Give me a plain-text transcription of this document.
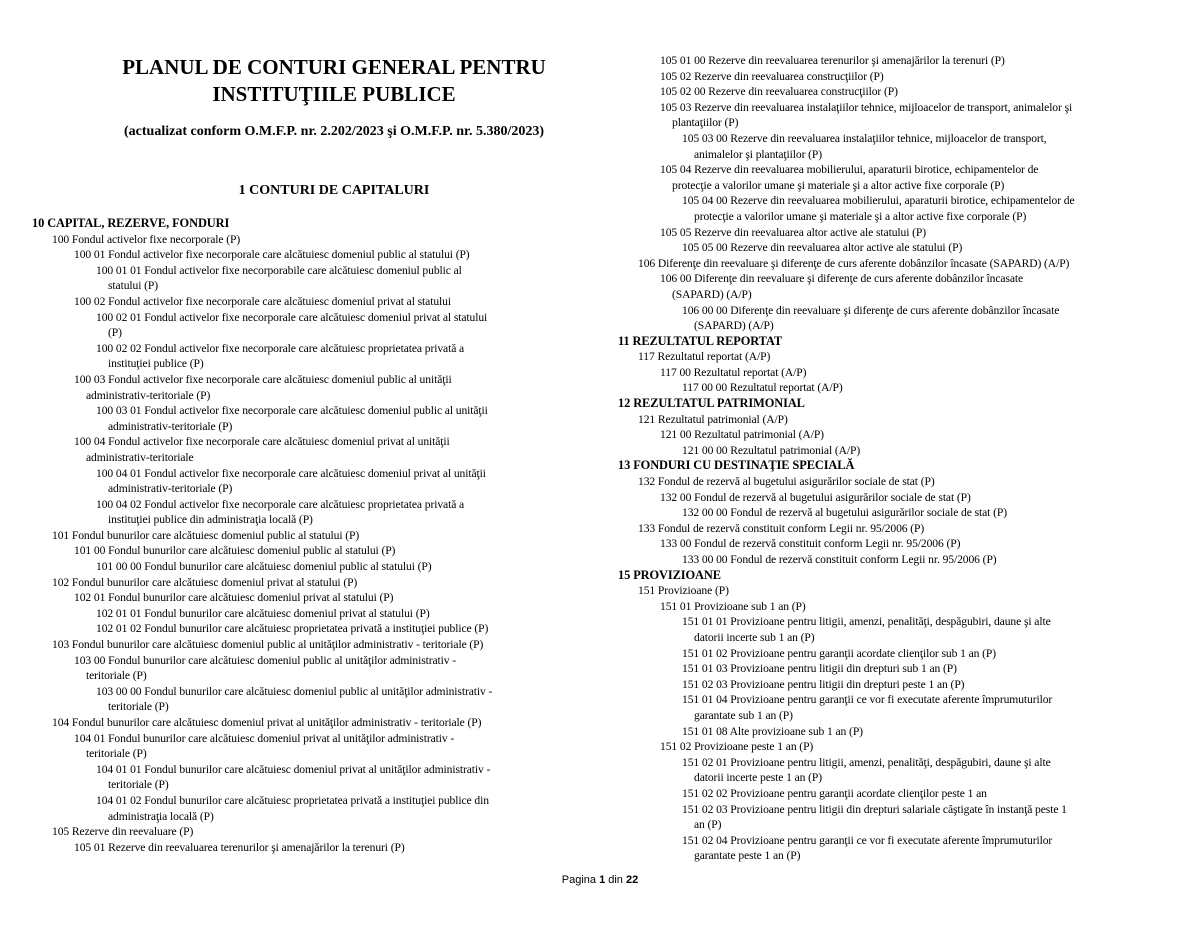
PLANUL DE CONTURI GENERAL PENTRU
INSTITUŢIILE PUBLICE
(actualizat conform O.M.F.P. nr. 2.202/2023 şi O.M.F.P. nr. 5.380/2023)
1 CONTURI DE CAPITALURI
10 CAPITAL, REZERVE, FONDURI
100 Fondul activelor fixe necorporale (P)
100 01 Fondul activelor fixe necorporale care alcătuiesc domeniul public al statului (P)
100 01 01 Fondul activelor fixe necorporabile care alcătuiesc domeniul public al
statului (P)
100 02 Fondul activelor fixe necorporale care alcătuiesc domeniul privat al statului
100 02 01 Fondul activelor fixe necorporale care alcătuiesc domeniul privat al statului
(P)
100 02 02 Fondul activelor fixe necorporale care alcătuiesc proprietatea privată a
instituţiei publice (P)
100 03 Fondul activelor fixe necorporale care alcătuiesc domeniul public al unităţii
administrativ-teritoriale (P)
100 03 01 Fondul activelor fixe necorporale care alcătuiesc domeniul public al unităţii
administrativ-teritoriale (P)
100 04 Fondul activelor fixe necorporale care alcătuiesc domeniul privat al unităţii
administrativ-teritoriale
100 04 01 Fondul activelor fixe necorporale care alcătuiesc domeniul privat al unităţii
administrativ-teritoriale (P)
100 04 02 Fondul activelor fixe necorporale care alcătuiesc proprietatea privată a
instituţiei publice din administraţia locală (P)
101 Fondul bunurilor care alcătuiesc domeniul public al statului (P)
101 00 Fondul bunurilor care alcătuiesc domeniul public al statului (P)
101 00 00 Fondul bunurilor care alcătuiesc domeniul public al statului (P)
102 Fondul bunurilor care alcătuiesc domeniul privat al statului (P)
102 01 Fondul bunurilor care alcătuiesc domeniul privat al statului (P)
102 01 01 Fondul bunurilor care alcătuiesc domeniul privat al statului (P)
102 01 02 Fondul bunurilor care alcătuiesc proprietatea privată a instituţiei publice (P)
103 Fondul bunurilor care alcătuiesc domeniul public al unităţilor administrativ - teritoriale (P)
103 00 Fondul bunurilor care alcătuiesc domeniul public al unităţilor administrativ -
teritoriale (P)
103 00 00 Fondul bunurilor care alcătuiesc domeniul public al unităţilor administrativ -
teritoriale (P)
104 Fondul bunurilor care alcătuiesc domeniul privat al unităţilor administrativ - teritoriale (P)
104 01 Fondul bunurilor care alcătuiesc domeniul privat al unităţilor administrativ -
teritoriale (P)
104 01 01 Fondul bunurilor care alcătuiesc domeniul privat al unităţilor administrativ -
teritoriale (P)
104 01 02 Fondul bunurilor care alcătuiesc proprietatea privată a instituţiei publice din
administraţia locală (P)
105 Rezerve din reevaluare (P)
105 01 Rezerve din reevaluarea terenurilor şi amenajărilor la terenuri (P)
105 01 00 Rezerve din reevaluarea terenurilor şi amenajărilor la terenuri (P)
105 02 Rezerve din reevaluarea construcţiilor (P)
105 02 00 Rezerve din reevaluarea construcţiilor (P)
105 03 Rezerve din reevaluarea instalaţiilor tehnice, mijloacelor de transport, animalelor şi
plantaţiilor (P)
105 03 00 Rezerve din reevaluarea instalaţiilor tehnice, mijloacelor de transport,
animalelor şi plantaţiilor (P)
105 04 Rezerve din reevaluarea mobilierului, aparaturii birotice, echipamentelor de
protecţie a valorilor umane şi materiale şi a altor active fixe corporale (P)
105 04 00 Rezerve din reevaluarea mobilierului, aparaturii birotice, echipamentelor de
protecţie a valorilor umane şi materiale şi a altor active fixe corporale (P)
105 05 Rezerve din reevaluarea altor active ale statului (P)
105 05 00 Rezerve din reevaluarea altor active ale statului (P)
106 Diferenţe din reevaluare şi diferenţe de curs aferente dobânzilor încasate (SAPARD) (A/P)
106 00 Diferenţe din reevaluare şi diferenţe de curs aferente dobânzilor încasate
(SAPARD) (A/P)
106 00 00 Diferenţe din reevaluare şi diferenţe de curs aferente dobânzilor încasate
(SAPARD) (A/P)
11 REZULTATUL REPORTAT
117 Rezultatul reportat (A/P)
117 00 Rezultatul reportat (A/P)
117 00 00 Rezultatul reportat (A/P)
12 REZULTATUL PATRIMONIAL
121 Rezultatul patrimonial (A/P)
121 00 Rezultatul patrimonial (A/P)
121 00 00 Rezultatul patrimonial (A/P)
13 FONDURI CU DESTINAŢIE SPECIALĂ
132 Fondul de rezervă al bugetului asigurărilor sociale de stat (P)
132 00 Fondul de rezervă al bugetului asigurărilor sociale de stat (P)
132 00 00 Fondul de rezervă al bugetului asigurărilor sociale de stat (P)
133 Fondul de rezervă constituit conform Legii nr. 95/2006 (P)
133 00 Fondul de rezervă constituit conform Legii nr. 95/2006 (P)
133 00 00 Fondul de rezervă constituit conform Legii nr. 95/2006 (P)
15 PROVIZIOANE
151 Provizioane (P)
151 01 Provizioane sub 1 an (P)
151 01 01 Provizioane pentru litigii, amenzi, penalităţi, despăgubiri, daune şi alte
datorii incerte sub 1 an (P)
151 01 02 Provizioane pentru garanţii acordate clienţilor sub 1 an (P)
151 01 03 Provizioane pentru litigii din drepturi sub 1 an (P)
151 02 03 Provizioane pentru litigii din drepturi peste 1 an (P)
151 01 04 Provizioane pentru garanţii ce vor fi executate aferente împrumuturilor
garantate sub 1 an (P)
151 01 08 Alte provizioane sub 1 an (P)
151 02 Provizioane peste 1 an (P)
151 02 01 Provizioane pentru litigii, amenzi, penalităţi, despăgubiri, daune şi alte
datorii incerte peste 1 an (P)
151 02 02 Provizioane pentru garanţii acordate clienţilor peste 1 an
151 02 03 Provizioane pentru litigii din drepturi salariale câştigate în instanţă peste 1
an (P)
151 02 04 Provizioane pentru garanţii ce vor fi executate aferente împrumuturilor
garantate peste 1 an (P)
Pagina 1 din 22
